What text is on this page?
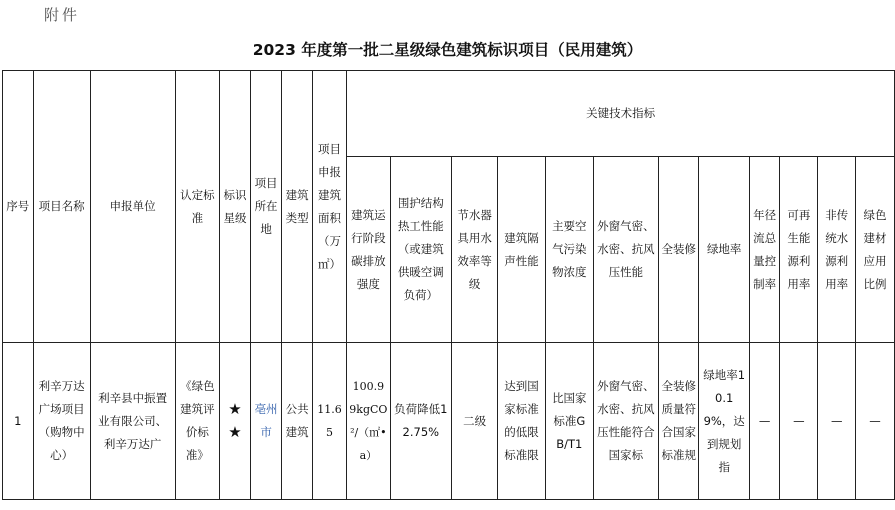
附件
2023 年度第一批二星级绿色建筑标识项目（民用建筑）
序号	项目名称	申报单位	认定标准	标识星级	项目所在地	建筑类型	项目申报建筑面积（万㎡）	关键技术指标											
								建筑运行阶段碳排放强度	围护结构热工性能（或建筑供暖空调负荷）	节水器具用水效率等级	建筑隔声性能	主要空气污染物浓度	外窗气密、水密、抗风压性能	全装修	绿地率	年径流总量控制率	可再生能源利用率	非传统水源利用率	绿色建材应用比例
1	利辛万达广场项目（购物中心）	利辛县中振置业有限公司、利辛万达广	《绿色建筑评价标准》	★★	亳州市	公共建筑	11.65	100.99kgCO²/（㎡•a）	负荷降低12.75%	二级	达到国家标准的低限标准限	比国家标准GB/T1	外窗气密、水密、抗风压性能符合国家标	全装修质量符合国家标准规	绿地率10.19%，达到规划指	—	—	—	—
